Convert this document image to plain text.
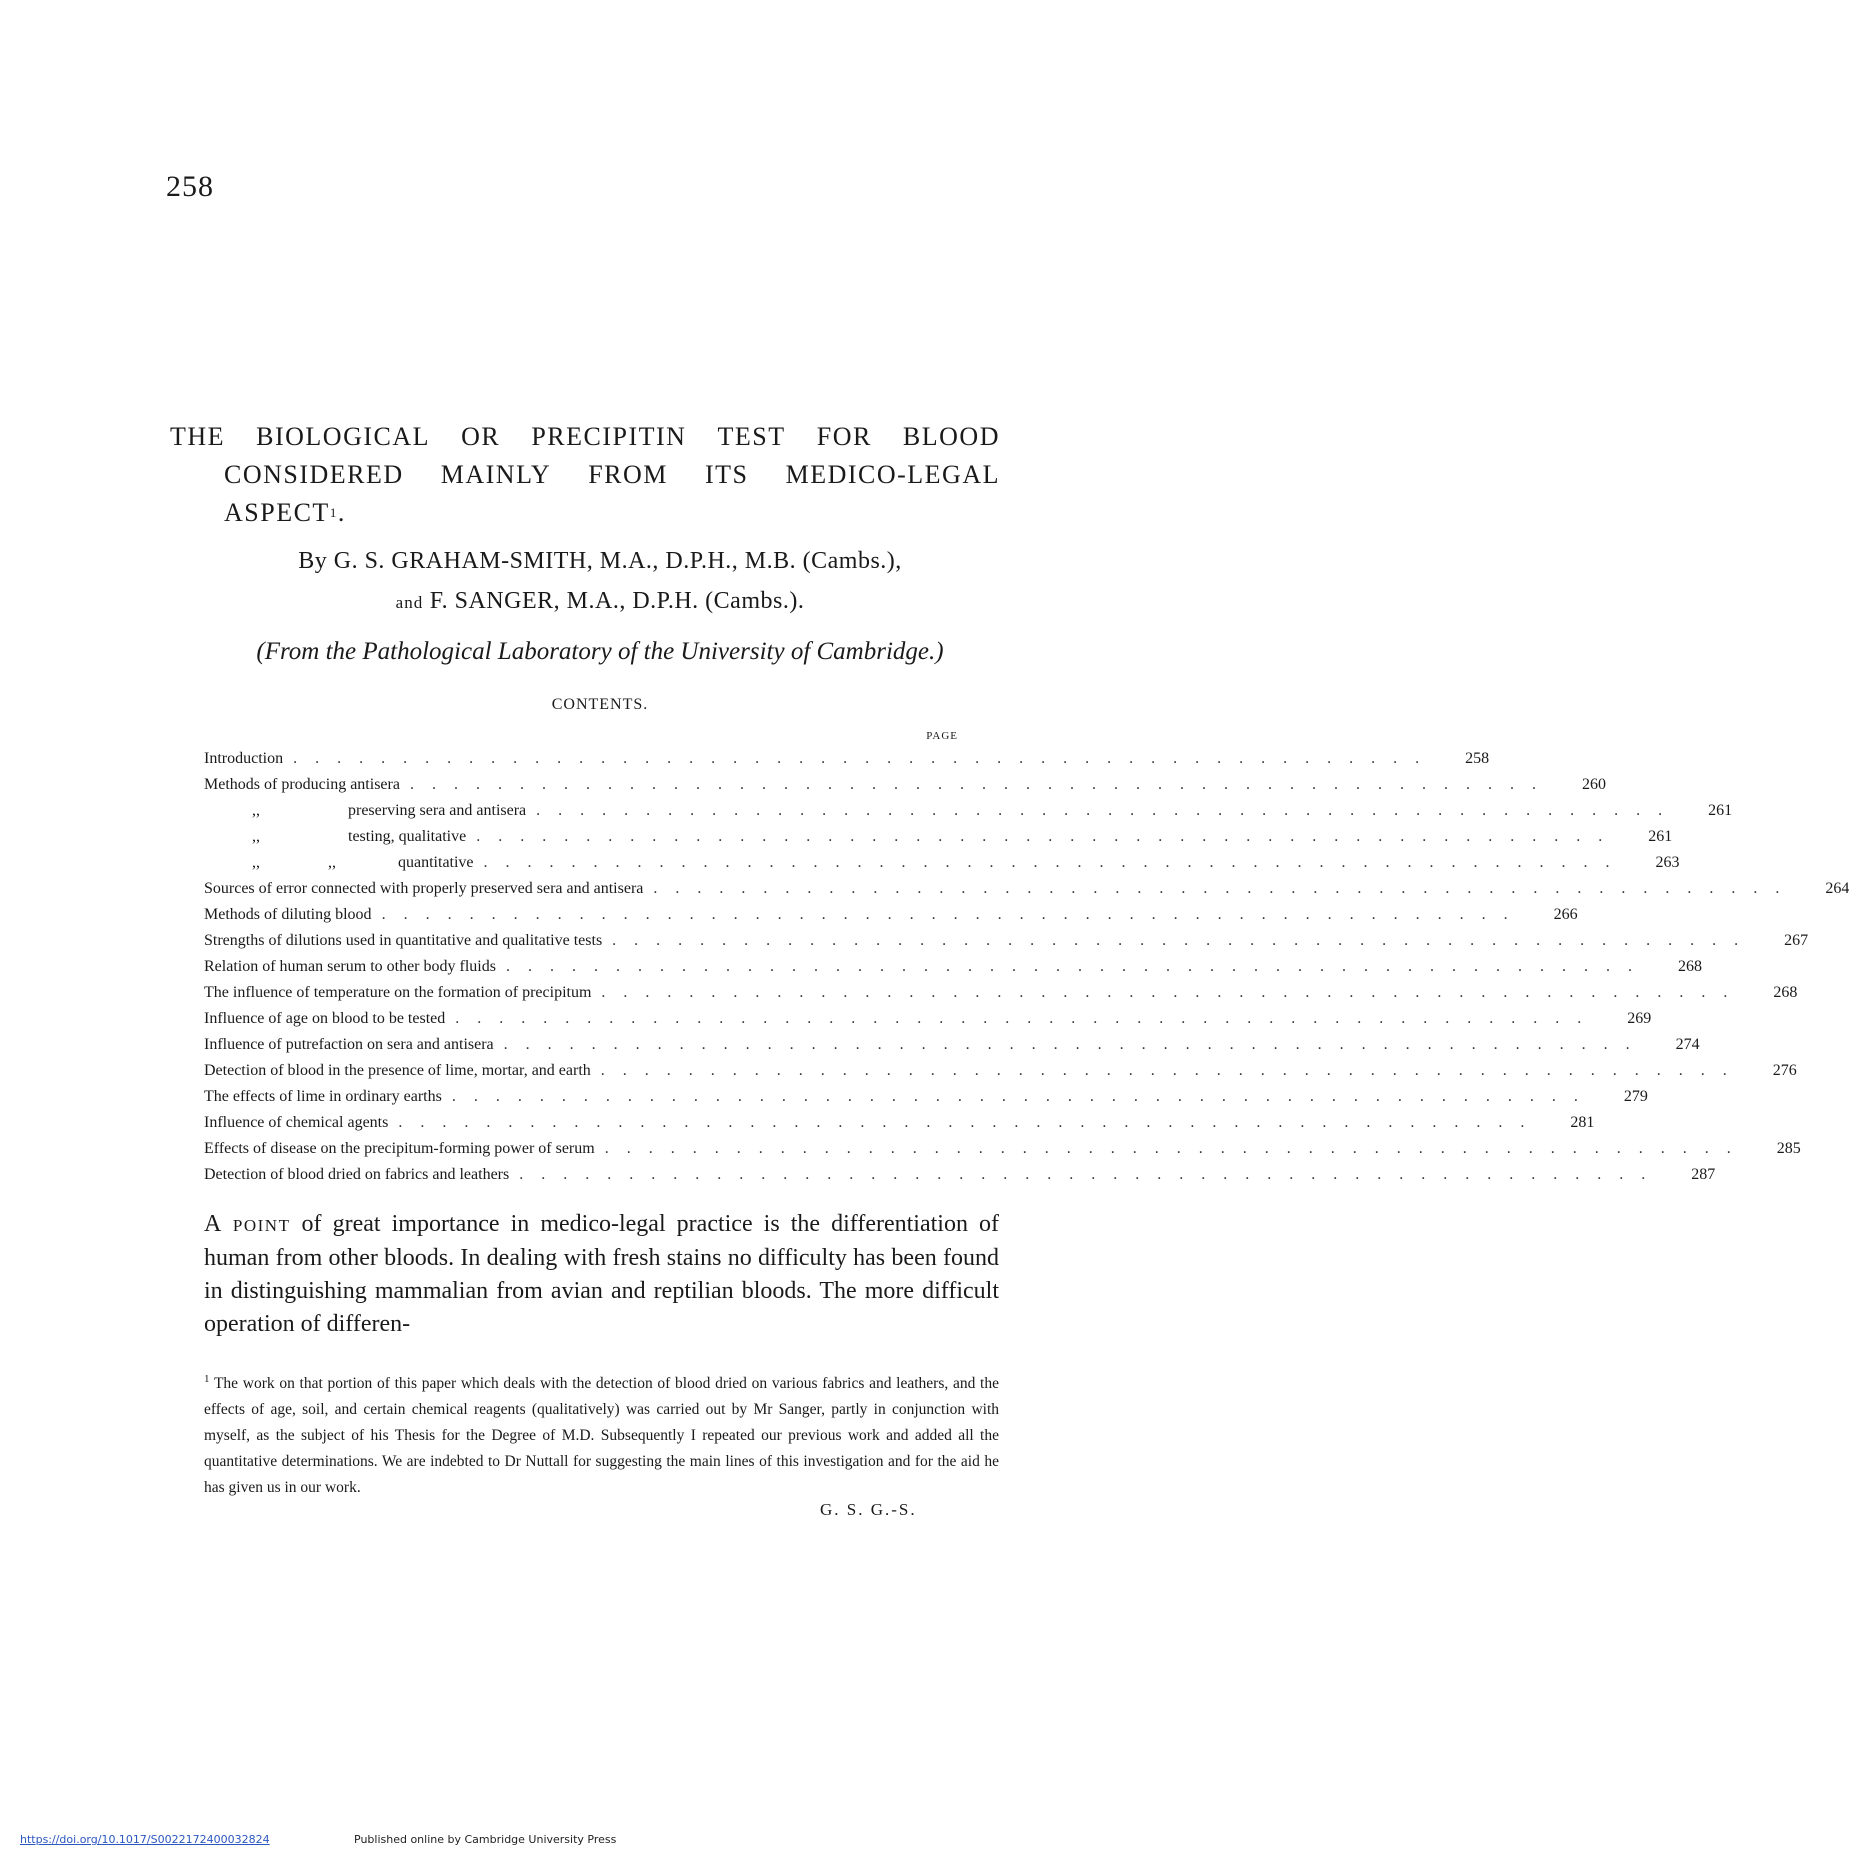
258
THE BIOLOGICAL OR PRECIPITIN TEST FOR BLOOD
CONSIDERED MAINLY FROM ITS MEDICO-LEGAL
ASPECT 1 .
By G. S. GRAHAM-SMITH, M.A., D.P.H., M.B. (Cambs.),
and F. SANGER, M.A., D.P.H. (Cambs.).
(From the Pathological Laboratory of the University of Cambridge.)
CONTENTS.
PAGE
Introduction ....................................................	258
Methods of producing antisera ....................................................	260
,,	preserving sera and antisera ....................................................	261
,,	testing, qualitative ....................................................	261
,,	,,	quantitative ....................................................	263
Sources of error connected with properly preserved sera and antisera ....................................................	264
Methods of diluting blood ....................................................	266
Strengths of dilutions used in quantitative and qualitative tests ....................................................	267
Relation of human serum to other body fluids ....................................................	268
The influence of temperature on the formation of precipitum ....................................................	268
Influence of age on blood to be tested ....................................................	269
Influence of putrefaction on sera and antisera ....................................................	274
Detection of blood in the presence of lime, mortar, and earth ....................................................	276
The effects of lime in ordinary earths ....................................................	279
Influence of chemical agents ....................................................	281
Effects of disease on the precipitum-forming power of serum ....................................................	285
Detection of blood dried on fabrics and leathers ....................................................	287
A POINT of great importance in medico-legal practice is the differentiation of human from other bloods. In dealing with fresh stains no difficulty has been found in distinguishing mammalian from avian and reptilian bloods. The more difficult operation of differen-
$^1$ The work on that portion of this paper which deals with the detection of blood dried on various fabrics and leathers, and the effects of age, soil, and certain chemical reagents (qualitatively) was carried out by Mr Sanger, partly in conjunction with myself, as the subject of his Thesis for the Degree of M.D. Subsequently I repeated our previous work and added all the quantitative determinations. We are indebted to Dr Nuttall for suggesting the main lines of this investigation and for the aid he has given us in our work.
G. S. G.-S.
https://doi.org/10.1017/S0022172400032824	Published online by Cambridge University Press
